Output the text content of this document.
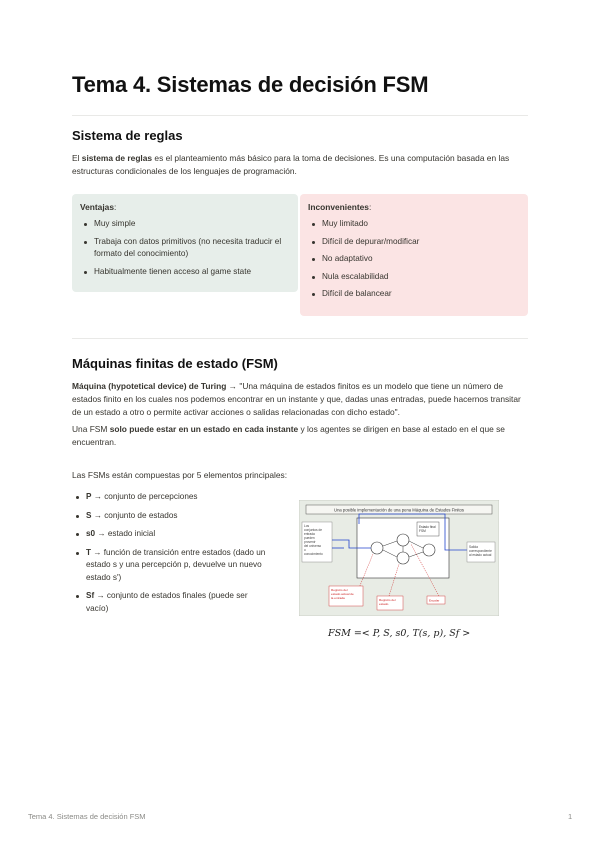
Tema 4. Sistemas de decisión FSM
Sistema de reglas
El sistema de reglas es el planteamiento más básico para la toma de decisiones. Es una computación basada en las estructuras condicionales de los lenguajes de programación.
Ventajas:
Muy simple
Trabaja con datos primitivos (no necesita traducir el formato del conocimiento)
Habitualmente tienen acceso al game state
Inconvenientes:
Muy limitado
Difícil de depurar/modificar
No adaptativo
Nula escalabilidad
Difícil de balancear
Máquinas finitas de estado (FSM)
Máquina (hypotetical device) de Turing → "Una máquina de estados finitos es un modelo que tiene un número de estados finito en los cuales nos podemos encontrar en un instante y que, dadas unas entradas, puede hacernos transitar de un estado a otro o permite activar acciones o salidas relacionadas con dicho estado".
Una FSM solo puede estar en un estado en cada instante y los agentes se dirigen en base al estado en el que se encuentran.
Las FSMs están compuestas por 5 elementos principales:
P → conjunto de percepciones
S → conjunto de estados
s0 → estado inicial
T → función de transición entre estados (dado un estado s y una percepción p, devuelve un nuevo estado s')
Sf → conjunto de estados finales (puede ser vacío)
Una posible implementación de una pena Máquina de Estados Finitos
Los conjuntos de entrada pueden provenir del universo o conocimiento
Estado final FSM
Salida correspondiente al estado actual
Registro del estado actual de la entrada	Registro del estado
Escalar
FSM =< P, S, s0, T(s, p), Sf >
Tema 4. Sistemas de decisión FSM	1
